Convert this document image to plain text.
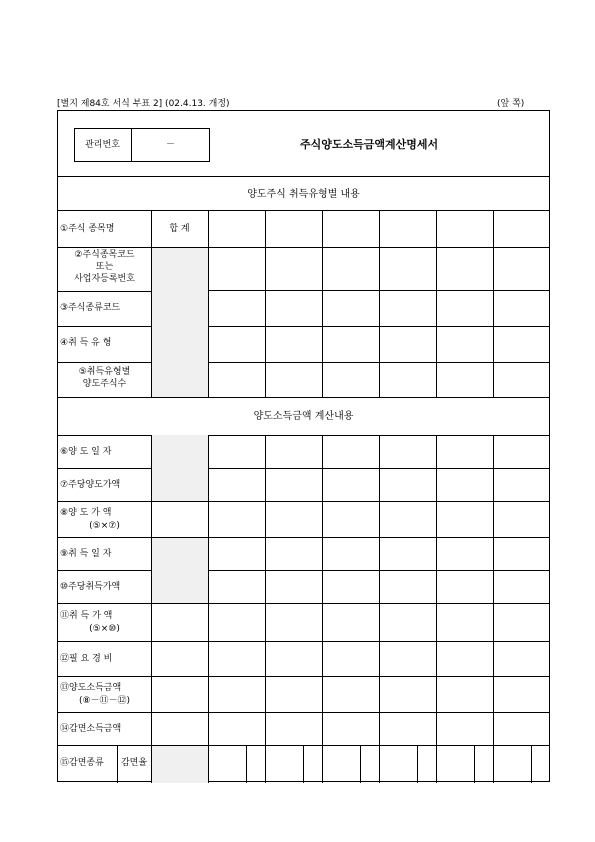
[별지 제84호 서식 부표 2] (02.4.13. 개정)	(앞 쪽)
관리번호	－	주식양도소득금액계산명세서
양도주식 취득유형별 내용
①주식 종목명	합 계
②주식종목코드
또는
사업자등록번호
③주식종류코드
④취 득 유 형
⑤취득유형별
양도주식수
양도소득금액 계산내용
⑥양 도 일 자
⑦주당양도가액
⑧양 도 가 액
(⑤×⑦)
⑨취 득 일 자
⑩주당취득가액
⑪취 득 가 액
(⑤×⑩)
⑫필 요 경 비
⑬양도소득금액
(⑧－⑪－⑫)
⑭감면소득금액
⑮감면종류	감면율
